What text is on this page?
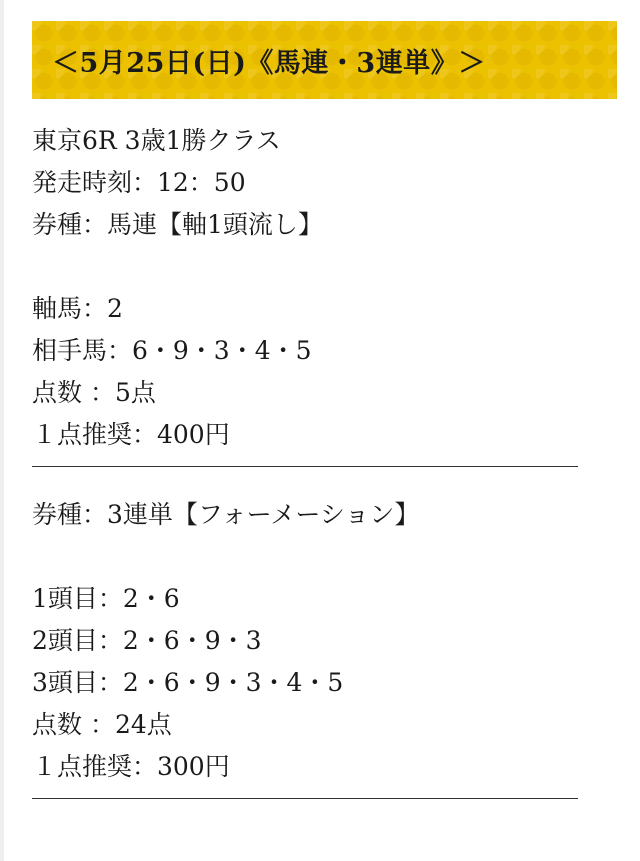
＜5月25日(日)《馬連・3連単》＞
東京6R 3歳1勝クラス
発走時刻：12：50
券種：馬連【軸1頭流し】
軸馬：2
相手馬：6・9・3・4・5
点数 ：5点
１点推奨：400円
券種：3連単【フォーメーション】
1頭目：2・6
2頭目：2・6・9・3
3頭目：2・6・9・3・4・5
点数 ：24点
１点推奨：300円
